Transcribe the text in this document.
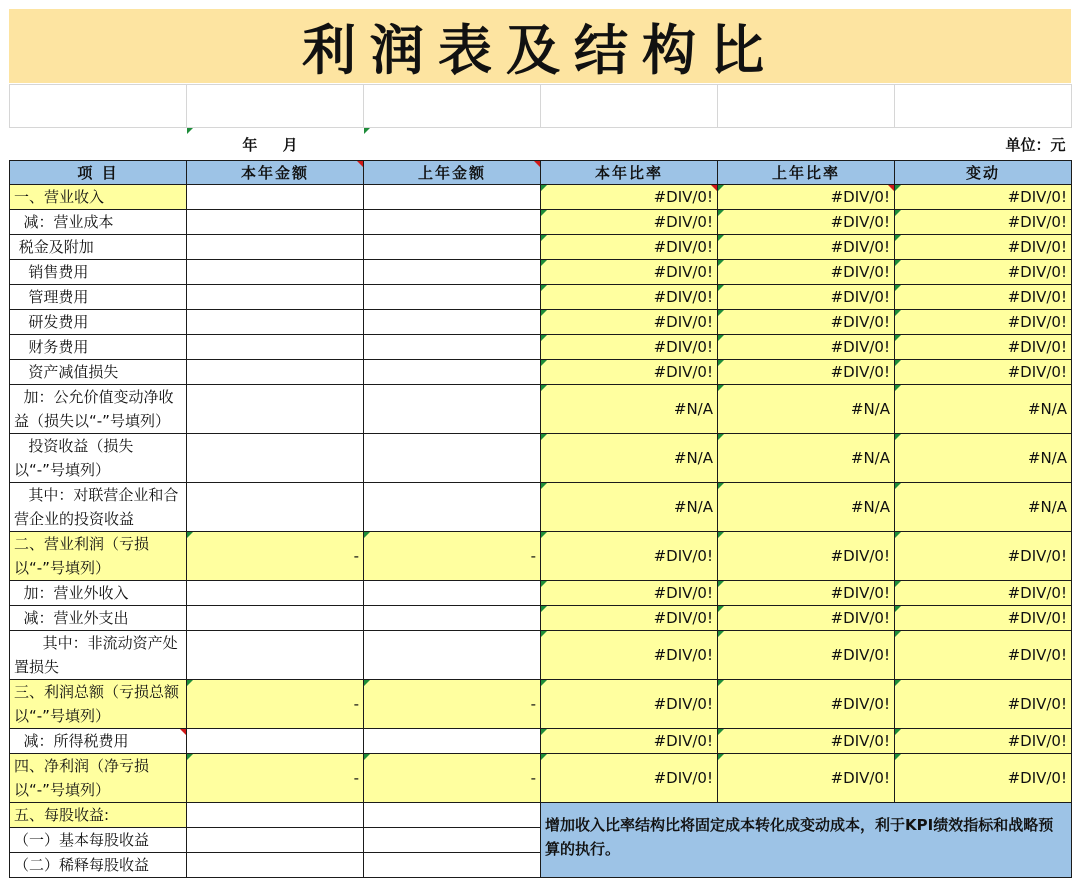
利润表及结构比

	年 月				单位：元
项 目	本年金额	上年金额	本年比率	上年比率	变动
一、营业收入			#DIV/0!	#DIV/0!	#DIV/0!
减：营业成本			#DIV/0!	#DIV/0!	#DIV/0!
税金及附加			#DIV/0!	#DIV/0!	#DIV/0!
销售费用			#DIV/0!	#DIV/0!	#DIV/0!
管理费用			#DIV/0!	#DIV/0!	#DIV/0!
研发费用			#DIV/0!	#DIV/0!	#DIV/0!
财务费用			#DIV/0!	#DIV/0!	#DIV/0!
资产减值损失			#DIV/0!	#DIV/0!	#DIV/0!
加：公允价值变动净收益（损失以“-”号填列）			#N/A	#N/A	#N/A
投资收益（损失以“-”号填列）			#N/A	#N/A	#N/A
其中：对联营企业和合营企业的投资收益			#N/A	#N/A	#N/A
二、营业利润（亏损以“-”号填列）	-	-	#DIV/0!	#DIV/0!	#DIV/0!
加：营业外收入			#DIV/0!	#DIV/0!	#DIV/0!
减：营业外支出			#DIV/0!	#DIV/0!	#DIV/0!
其中：非流动资产处置损失			#DIV/0!	#DIV/0!	#DIV/0!
三、利润总额（亏损总额以“-”号填列）	-	-	#DIV/0!	#DIV/0!	#DIV/0!
减：所得税费用			#DIV/0!	#DIV/0!	#DIV/0!
四、净利润（净亏损以“-”号填列）	-	-	#DIV/0!	#DIV/0!	#DIV/0!
五、每股收益:			增加收入比率结构比将固定成本转化成变动成本，利于KPI绩效指标和战略预算的执行。		
（一）基本每股收益					
（二）稀释每股收益					
